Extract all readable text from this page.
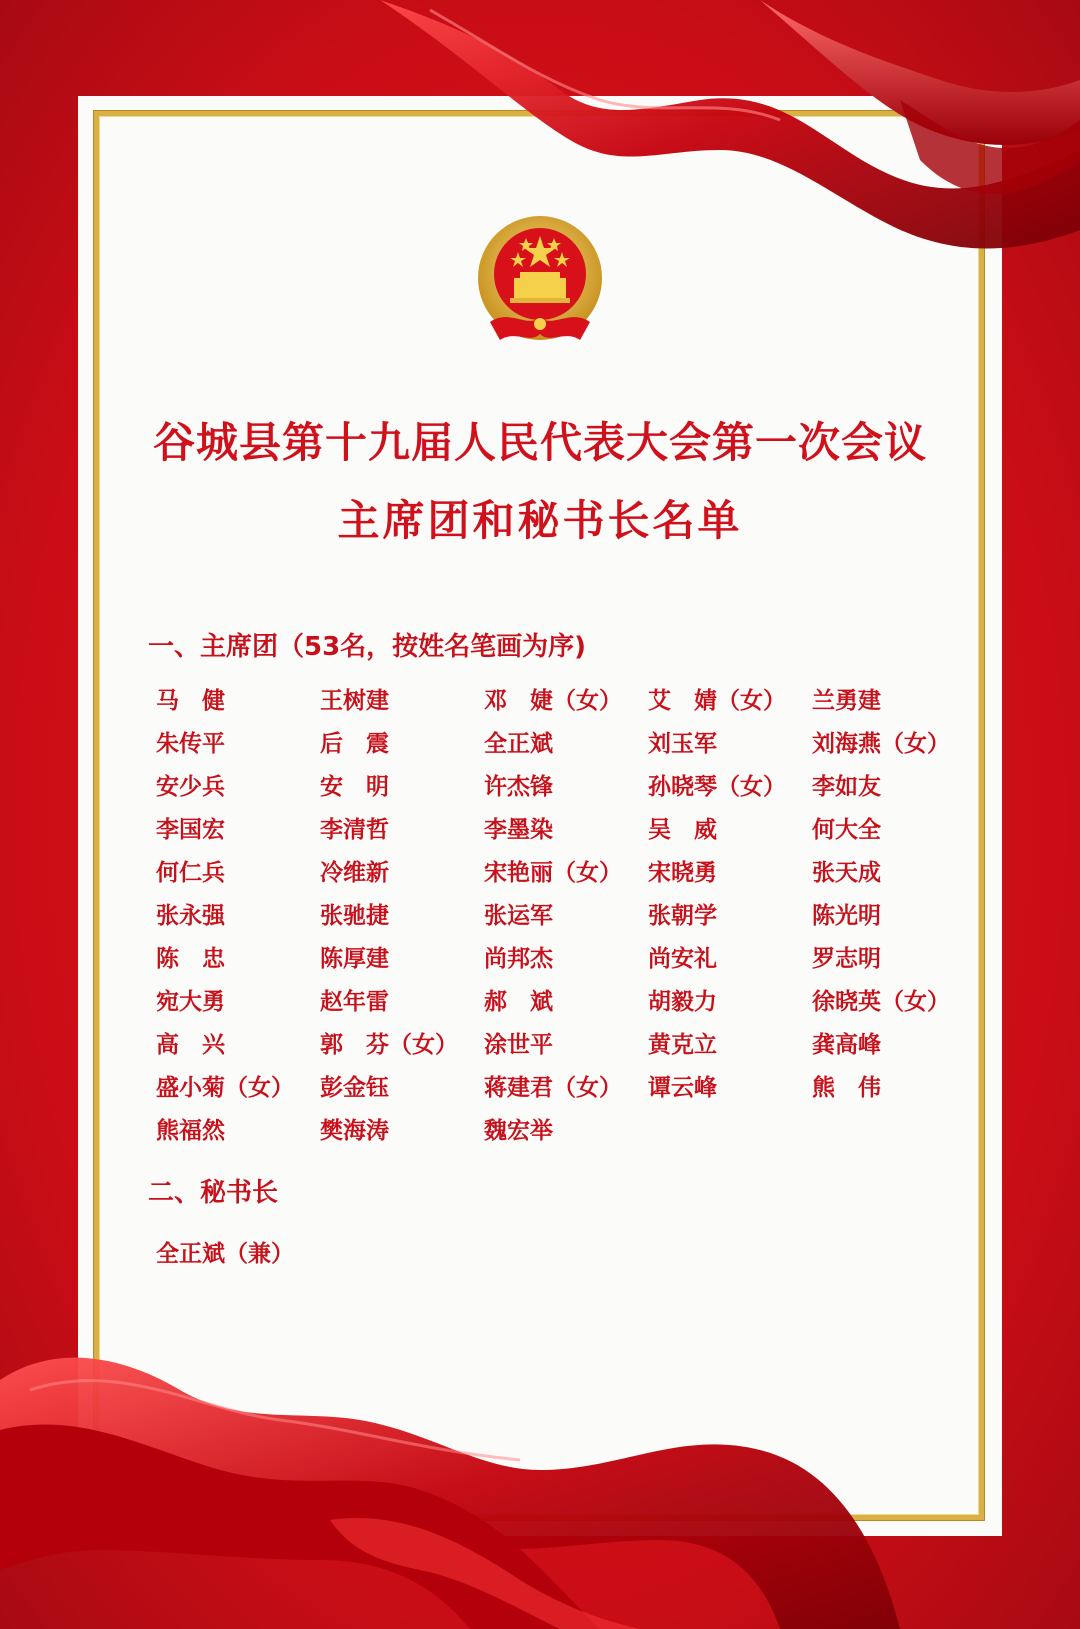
谷城县第十九届人民代表大会第一次会议
主席团和秘书长名单
一、主席团（53名，按姓名笔画为序)
马　健	王树建	邓　婕（女）	艾　婧（女）	兰勇建
朱传平	后　震	全正斌	刘玉军	刘海燕（女）
安少兵	安　明	许杰锋	孙晓琴（女）	李如友
李国宏	李清哲	李墨染	吴　威	何大全
何仁兵	冷维新	宋艳丽（女）	宋晓勇	张天成
张永强	张驰捷	张运军	张朝学	陈光明
陈　忠	陈厚建	尚邦杰	尚安礼	罗志明
宛大勇	赵年雷	郝　斌	胡毅力	徐晓英（女）
高　兴	郭　芬（女）	涂世平	黄克立	龚高峰
盛小菊（女）	彭金钰	蒋建君（女）	谭云峰	熊　伟
熊福然	樊海涛	魏宏举
二、秘书长
全正斌（兼）
